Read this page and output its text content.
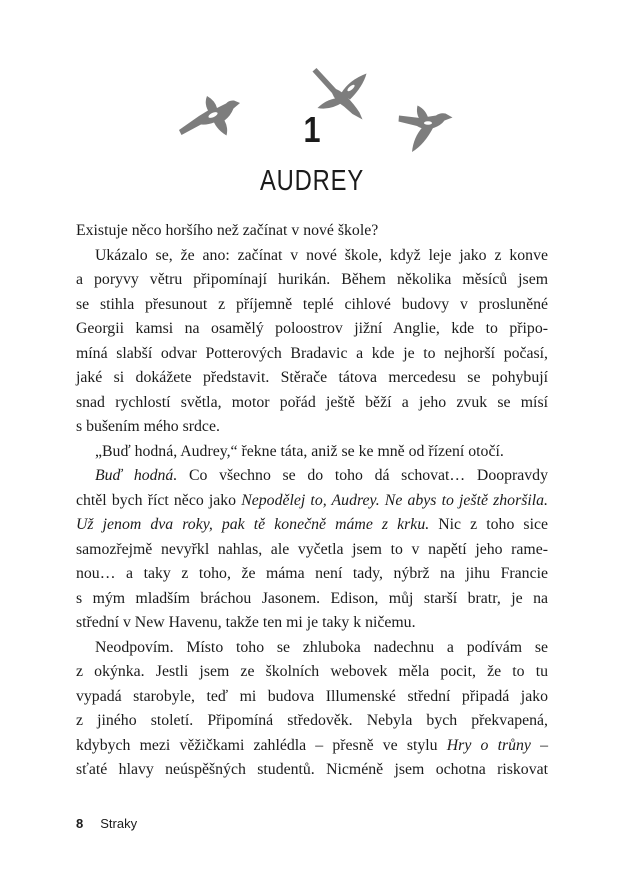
1
AUDREY
Existuje něco horšího než začínat v nové škole?
Ukázalo se, že ano: začínat v nové škole, když leje jako z konve
a poryvy větru připomínají hurikán. Během několika měsíců jsem
se stihla přesunout z příjemně teplé cihlové budovy v prosluněné
Georgii kamsi na osamělý poloostrov jižní Anglie, kde to připo-
míná slabší odvar Potterových Bradavic a kde je to nejhorší počasí,
jaké si dokážete představit. Stěrače tátova mercedesu se pohybují
snad rychlostí světla, motor pořád ještě běží a jeho zvuk se mísí
s bušením mého srdce.
„Buď hodná, Audrey,“ řekne táta, aniž se ke mně od řízení otočí.
Buď hodná. Co všechno se do toho dá schovat… Doopravdy
chtěl bych říct něco jako Nepodělej to, Audrey. Ne abys to ještě zhoršila.
Už jenom dva roky, pak tě konečně máme z krku. Nic z toho sice
samozřejmě nevyřkl nahlas, ale vyčetla jsem to v napětí jeho rame-
nou… a taky z toho, že máma není tady, nýbrž na jihu Francie
s mým mladším bráchou Jasonem. Edison, můj starší bratr, je na
střední v New Havenu, takže ten mi je taky k ničemu.
Neodpovím. Místo toho se zhluboka nadechnu a podívám se
z okýnka. Jestli jsem ze školních webovek měla pocit, že to tu
vypadá starobyle, teď mi budova Illumenské střední připadá jako
z jiného století. Připomíná středověk. Nebyla bych překvapená,
kdybych mezi věžičkami zahlédla – přesně ve stylu Hry o trůny –
sťaté hlavy neúspěšných studentů. Nicméně jsem ochotna riskovat
8 Straky
